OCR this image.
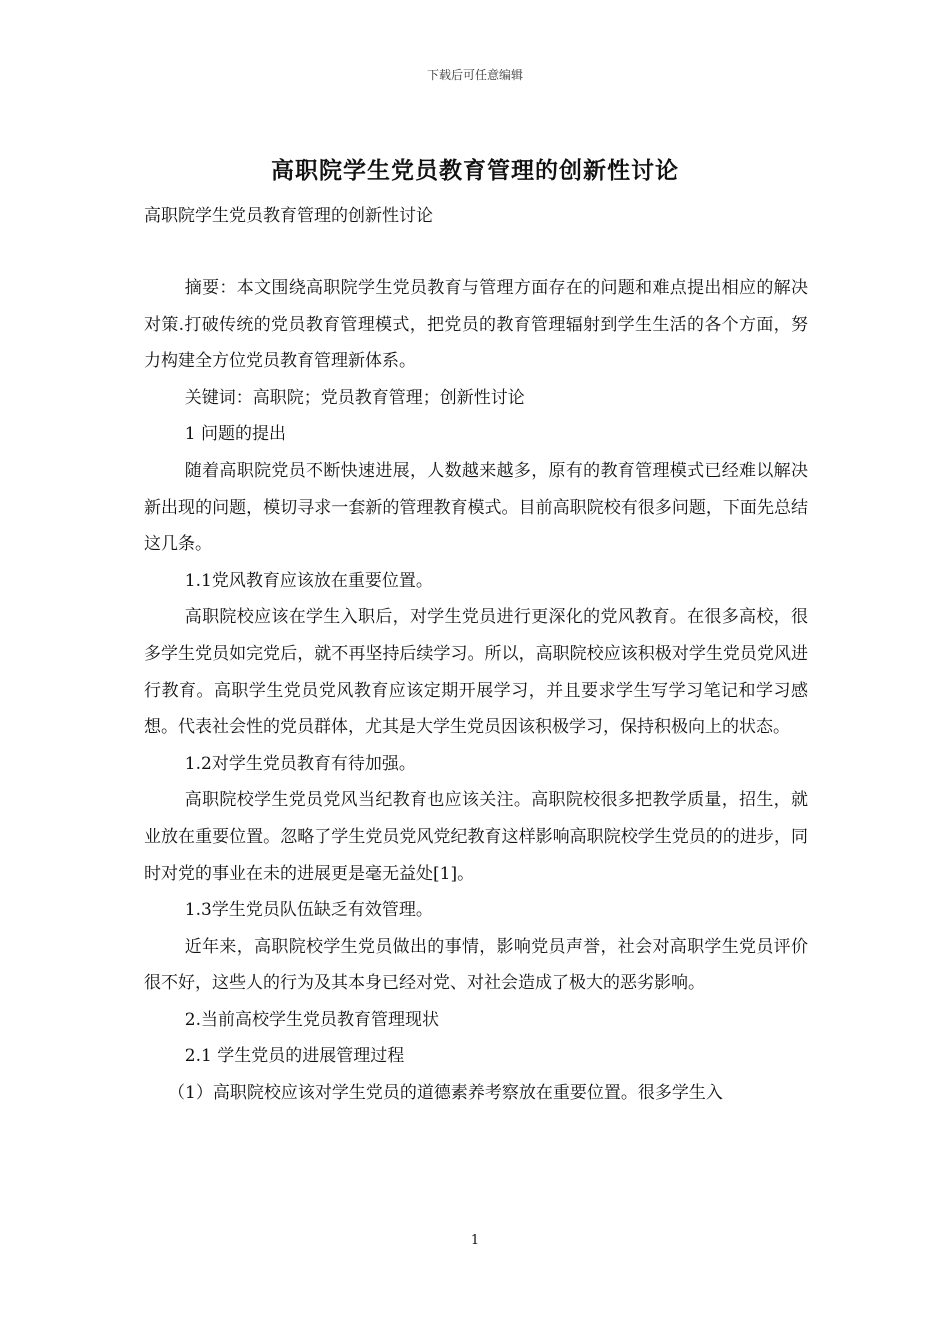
下载后可任意编辑
高职院学生党员教育管理的创新性讨论
高职院学生党员教育管理的创新性讨论

摘要：本文围绕高职院学生党员教育与管理方面存在的问题和难点提出相应的解决对策.打破传统的党员教育管理模式，把党员的教育管理辐射到学生生活的各个方面，努力构建全方位党员教育管理新体系。

关键词：高职院；党员教育管理；创新性讨论

1 问题的提出

随着高职院党员不断快速进展，人数越来越多，原有的教育管理模式已经难以解决新出现的问题，模切寻求一套新的管理教育模式。目前高职院校有很多问题，下面先总结这几条。

1.1党风教育应该放在重要位置。

高职院校应该在学生入职后，对学生党员进行更深化的党风教育。在很多高校，很多学生党员如完党后，就不再坚持后续学习。所以，高职院校应该积极对学生党员党风进行教育。高职学生党员党风教育应该定期开展学习，并且要求学生写学习笔记和学习感想。代表社会性的党员群体，尤其是大学生党员因该积极学习，保持积极向上的状态。

1.2对学生党员教育有待加强。

高职院校学生党员党风当纪教育也应该关注。高职院校很多把教学质量，招生，就业放在重要位置。忽略了学生党员党风党纪教育这样影响高职院校学生党员的的进步，同时对党的事业在未的进展更是毫无益处[1]。

1.3学生党员队伍缺乏有效管理。

近年来，高职院校学生党员做出的事情，影响党员声誉，社会对高职学生党员评价很不好，这些人的行为及其本身已经对党、对社会造成了极大的恶劣影响。

2.当前高校学生党员教育管理现状

2.1 学生党员的进展管理过程

（1）高职院校应该对学生党员的道德素养考察放在重要位置。很多学生入

1
